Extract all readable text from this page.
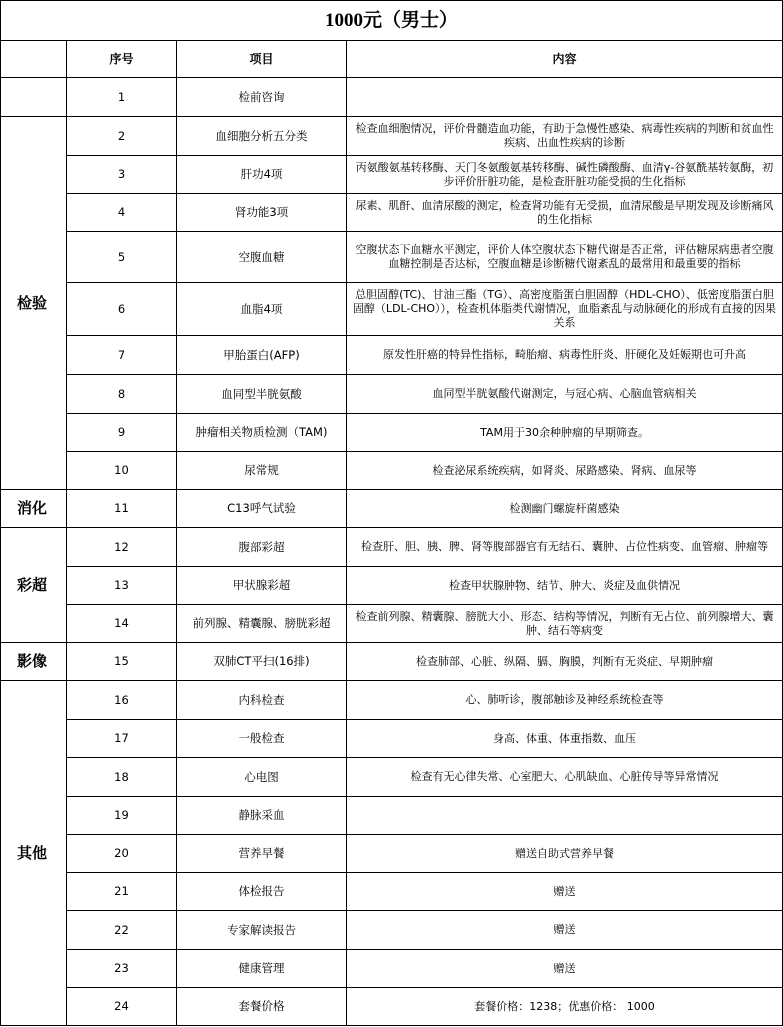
1000元（男士）			
	序号	项目	内容
	1	检前咨询	
检验	2	血细胞分析五分类	检查血细胞情况，评价骨髓造血功能，有助于急慢性感染、病毒性疾病的判断和贫血性疾病、出血性疾病的诊断
	3	肝功4项	丙氨酸氨基转移酶、天门冬氨酸氨基转移酶、碱性磷酸酶、血清γ-谷氨酰基转氨酶，初步评价肝脏功能，是检查肝脏功能受损的生化指标
	4	肾功能3项	尿素、肌酐、血清尿酸的测定，检查肾功能有无受损，血清尿酸是早期发现及诊断痛风的生化指标
	5	空腹血糖	空腹状态下血糖水平测定，评价人体空腹状态下糖代谢是否正常，评估糖尿病患者空腹血糖控制是否达标，空腹血糖是诊断糖代谢紊乱的最常用和最重要的指标
	6	血脂4项	总胆固醇(TC)、甘油三酯（TG）、高密度脂蛋白胆固醇（HDL-CHO）、低密度脂蛋白胆固醇（LDL-CHO）），检查机体脂类代谢情况，血脂紊乱与动脉硬化的形成有直接的因果关系
	7	甲胎蛋白(AFP)	原发性肝癌的特异性指标，畸胎瘤、病毒性肝炎、肝硬化及妊娠期也可升高
	8	血同型半胱氨酸	血同型半胱氨酸代谢测定，与冠心病、心脑血管病相关
	9	肿瘤相关物质检测（TAM)	TAM用于30余种肿瘤的早期筛查。
	10	尿常规	检查泌尿系统疾病，如肾炎、尿路感染、肾病、血尿等
消化	11	C13呼气试验	检测幽门螺旋杆菌感染
彩超	12	腹部彩超	检查肝、胆、胰、脾、肾等腹部器官有无结石、囊肿、占位性病变、血管瘤、肿瘤等
	13	甲状腺彩超	检查甲状腺肿物、结节、肿大、炎症及血供情况
	14	前列腺、精囊腺、膀胱彩超	检查前列腺、精囊腺、膀胱大小、形态、结构等情况，判断有无占位、前列腺增大、囊肿、结石等病变
影像	15	双肺CT平扫(16排)	检查肺部、心脏、纵隔、膈、胸膜，判断有无炎症、早期肿瘤
其他	16	内科检查	心、肺听诊，腹部触诊及神经系统检查等
	17	一般检查	身高、体重、体重指数、血压
	18	心电图	检查有无心律失常、心室肥大、心肌缺血、心脏传导等异常情况
	19	静脉采血	
	20	营养早餐	赠送自助式营养早餐
	21	体检报告	赠送
	22	专家解读报告	赠送
	23	健康管理	赠送
	24	套餐价格	套餐价格：1238；优惠价格： 1000
